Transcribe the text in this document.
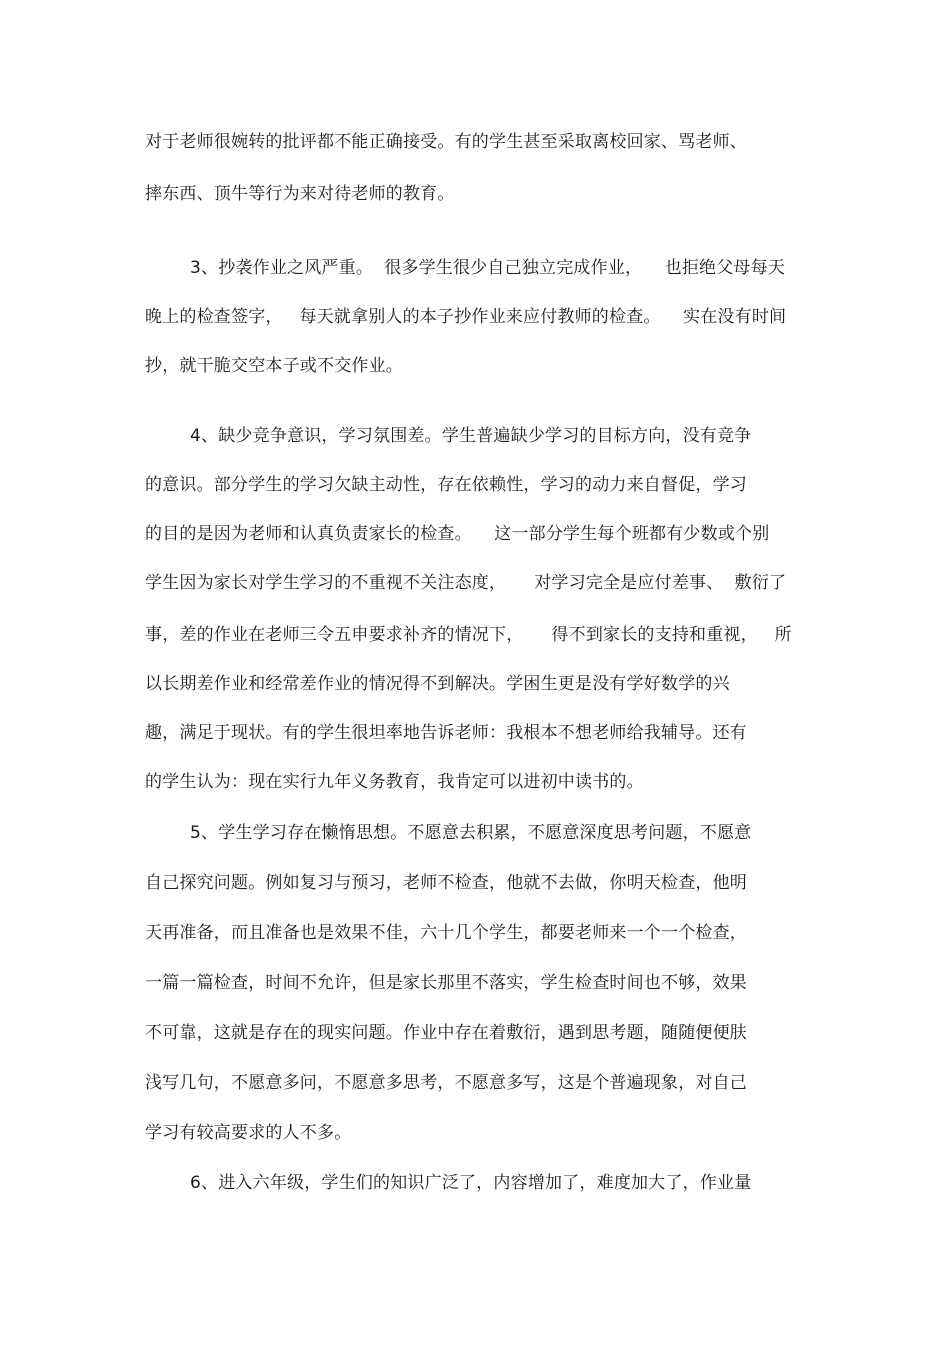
对于老师很婉转的批评都不能正确接受。有的学生甚至采取离校回家、骂老师、
摔东西、顶牛等行为来对待老师的教育。
3、抄袭作业之风严重。  很多学生很少自己独立完成作业，    也拒绝父母每天
晚上的检查签字，   每天就拿别人的本子抄作业来应付教师的检查。    实在没有时间
抄，就干脆交空本子或不交作业。
4、缺少竞争意识，学习氛围差。学生普遍缺少学习的目标方向，没有竞争
的意识。部分学生的学习欠缺主动性，存在依赖性，学习的动力来自督促，学习
的目的是因为老师和认真负责家长的检查。    这一部分学生每个班都有少数或个别
学生因为家长对学生学习的不重视不关注态度，     对学习完全是应付差事、  敷衍了
事，差的作业在老师三令五申要求补齐的情况下，     得不到家长的支持和重视，   所
以长期差作业和经常差作业的情况得不到解决。学困生更是没有学好数学的兴
趣，满足于现状。有的学生很坦率地告诉老师：我根本不想老师给我辅导。还有
的学生认为：现在实行九年义务教育，我肯定可以进初中读书的。
5、学生学习存在懒惰思想。不愿意去积累，不愿意深度思考问题，不愿意
自己探究问题。例如复习与预习，老师不检查，他就不去做，你明天检查，他明
天再准备，而且准备也是效果不佳，六十几个学生，都要老师来一个一个检查，
一篇一篇检查，时间不允许，但是家长那里不落实，学生检查时间也不够，效果
不可靠，这就是存在的现实问题。作业中存在着敷衍，遇到思考题，随随便便肤
浅写几句，不愿意多问，不愿意多思考，不愿意多写，这是个普遍现象，对自己
学习有较高要求的人不多。
6、进入六年级，学生们的知识广泛了，内容增加了，难度加大了，作业量
